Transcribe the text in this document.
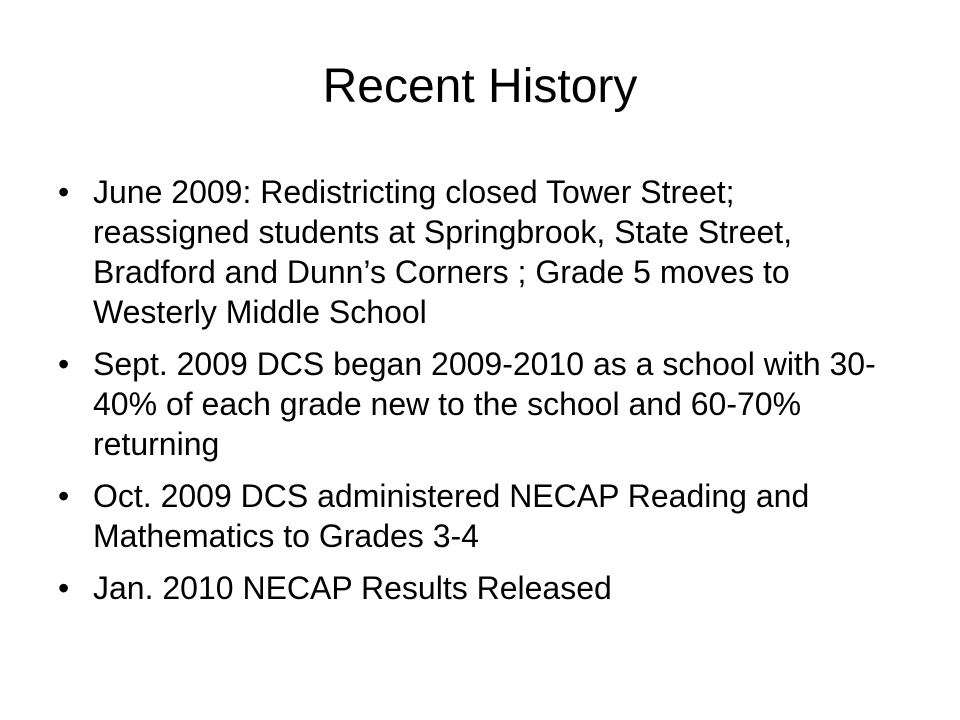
Recent History
• June 2009: Redistricting closed Tower Street; reassigned students at Springbrook, State Street, Bradford and Dunn’s Corners ; Grade 5 moves to Westerly Middle School
• Sept. 2009 DCS began 2009-2010 as a school with 30-40% of each grade new to the school and 60-70% returning
• Oct. 2009 DCS administered NECAP Reading and Mathematics to Grades 3-4
• Jan. 2010 NECAP Results Released
